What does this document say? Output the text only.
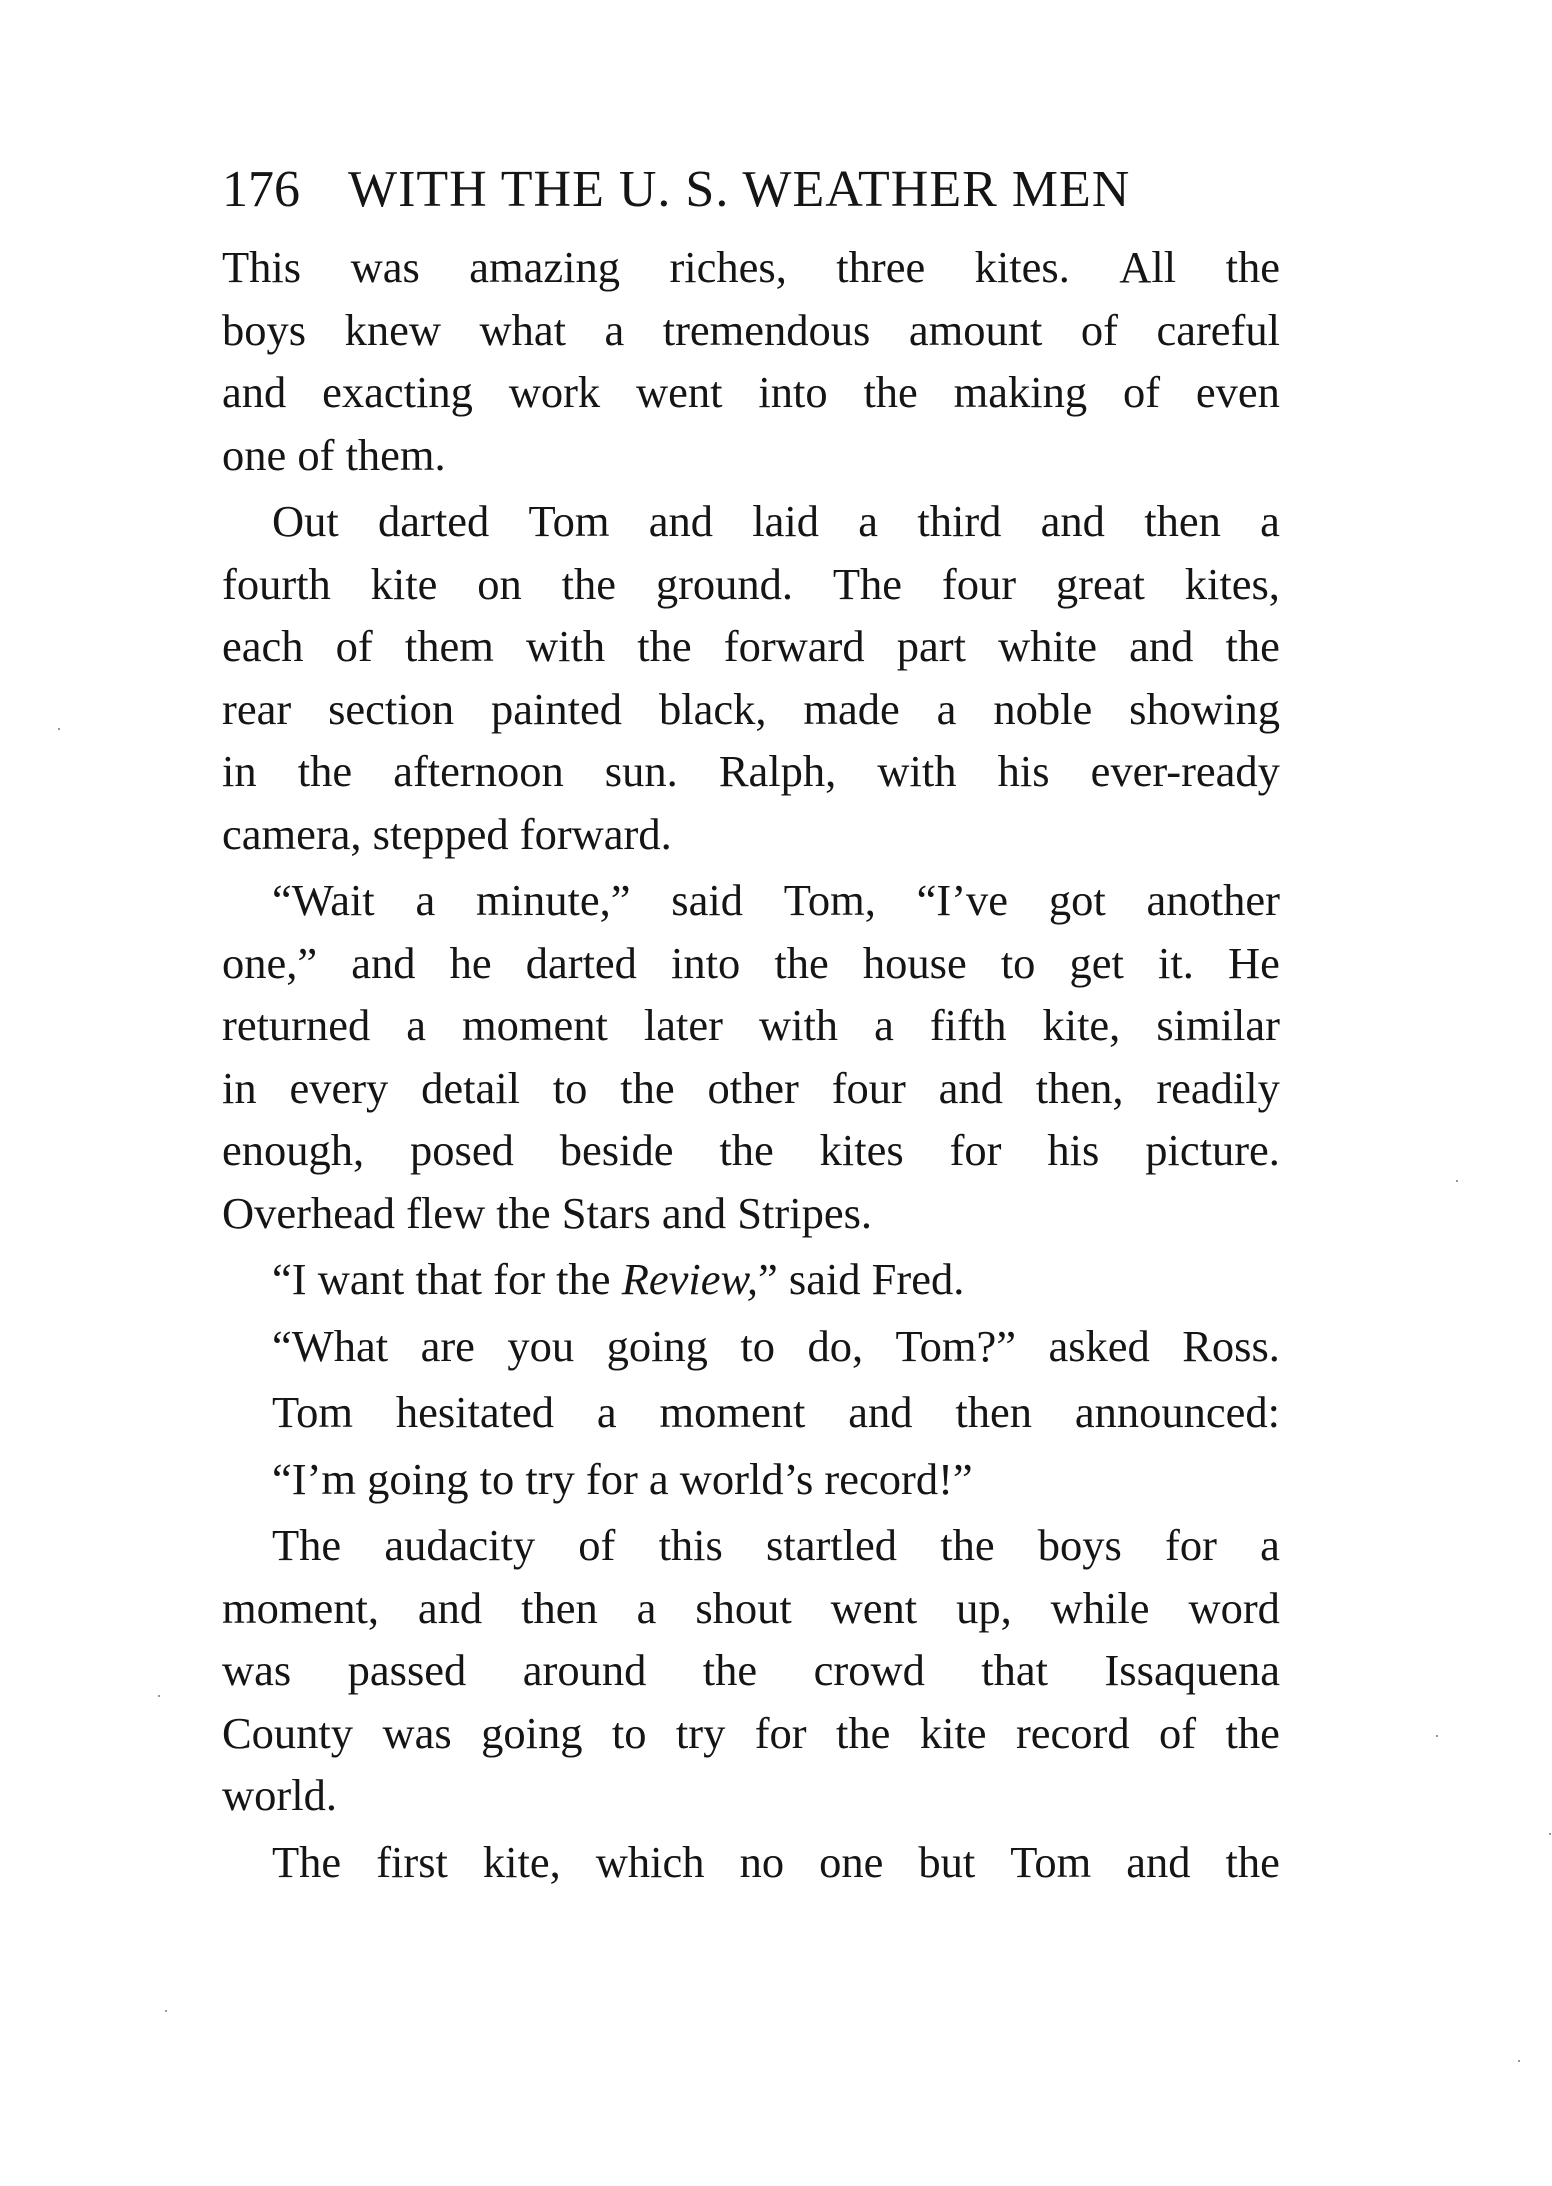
176 WITH THE U. S. WEATHER MEN
This was amazing riches, three kites. All the
boys knew what a tremendous amount of careful
and exacting work went into the making of even
one of them.
Out darted Tom and laid a third and then a
fourth kite on the ground. The four great kites,
each of them with the forward part white and the
rear section painted black, made a noble showing
in the afternoon sun. Ralph, with his ever-ready
camera, stepped forward.
“Wait a minute,” said Tom, “I’ve got another
one,” and he darted into the house to get it. He
returned a moment later with a fifth kite, similar
in every detail to the other four and then, readily
enough, posed beside the kites for his picture.
Overhead flew the Stars and Stripes.
“I want that for the Review,” said Fred.
“What are you going to do, Tom?” asked Ross.
Tom hesitated a moment and then announced:
“I’m going to try for a world’s record!”
The audacity of this startled the boys for a
moment, and then a shout went up, while word
was passed around the crowd that Issaquena
County was going to try for the kite record of the
world.
The first kite, which no one but Tom and the
